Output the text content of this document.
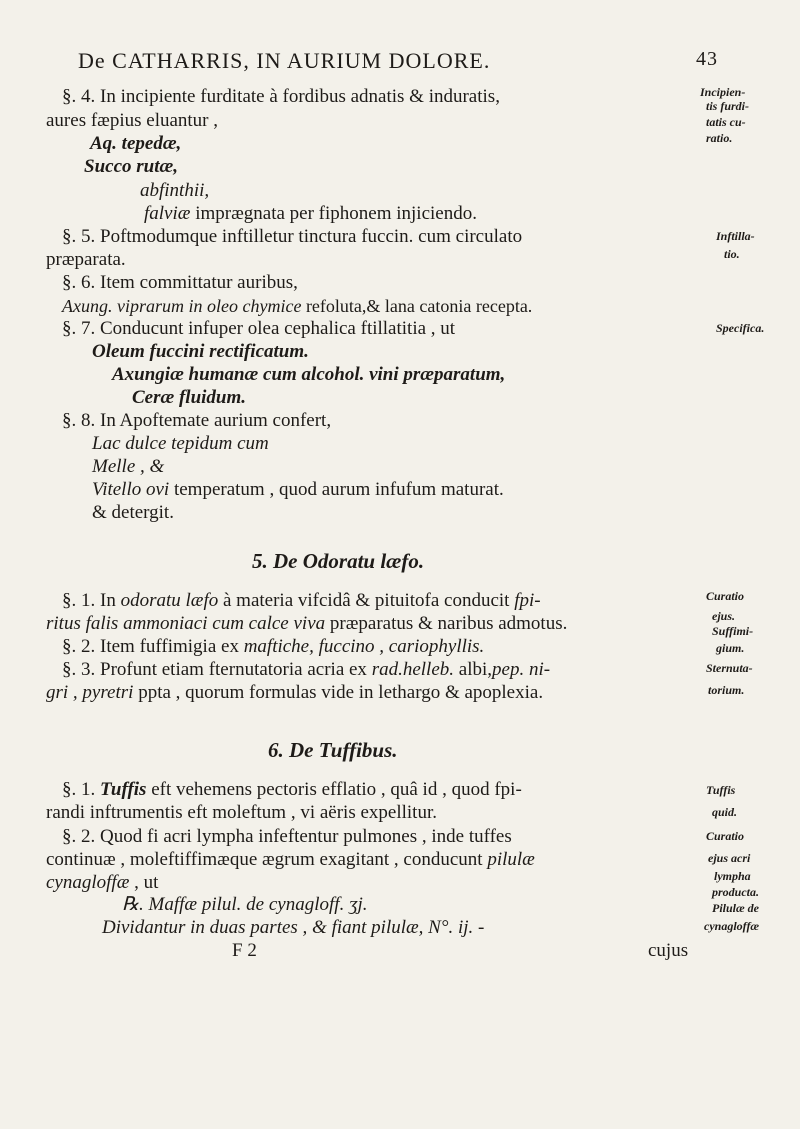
De CATHARRIS, IN AURIUM DOLORE.	43
§. 4. In incipiente furditate à fordibus adnatis & induratis,
aures fæpius eluantur ,
Aq. tepedæ,
Succo rutæ,
abfinthii,
falviæ imprægnata per fiphonem injiciendo.
§. 5. Poftmodumque inftilletur tinctura fuccin. cum circulato
præparata.
§. 6. Item committatur auribus,
Axung. viprarum in oleo chymice refoluta,& lana catonia recepta.
§. 7. Conducunt infuper olea cephalica ftillatitia , ut
Oleum fuccini rectificatum.
Axungiæ humanæ cum alcohol. vini præparatum,
Ceræ fluidum.
§. 8. In Apoftemate aurium confert,
Lac dulce tepidum cum
Melle , &
Vitello ovi temperatum , quod aurum infufum maturat.
& detergit.
5. De Odoratu læfo.
§. 1. In odoratu læfo à materia vifcidâ & pituitofa conducit fpi-
ritus falis ammoniaci cum calce viva præparatus & naribus admotus.
§. 2. Item fuffimigia ex maftiche, fuccino , cariophyllis.
§. 3. Profunt etiam fternutatoria acria ex rad.helleb. albi,pep. ni-
gri , pyretri ppta , quorum formulas vide in lethargo & apoplexia.
6. De Tuffibus.
§. 1. Tuffis eft vehemens pectoris efflatio , quâ id , quod fpi-
randi inftrumentis eft moleftum , vi aëris expellitur.
§. 2. Quod fi acri lympha infeftentur pulmones , inde tuffes
continuæ , moleftiffimæque ægrum exagitant , conducunt pilulæ
cynagloffæ , ut
℞. Maffæ pilul. de cynagloff. ʒj.
Dividantur in duas partes , & fiant pilulæ, N°. ij. -
F 2	cujus
Incipien-
tis furdi-
tatis cu-
ratio.
Inftilla-
tio.
Specifica.
Curatio
ejus.
Suffimi-
gium.
Sternuta-
torium.
Tuffis
quid.
Curatio
ejus acri
lympha
producta.
Pilulæ de
cynagloffæ
